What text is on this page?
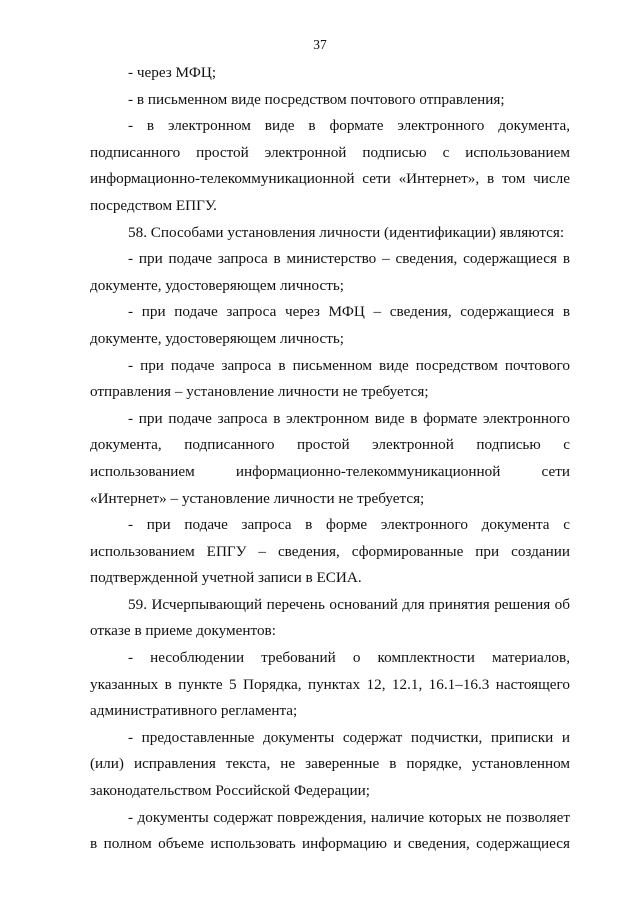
37

- через МФЦ;

- в письменном виде посредством почтового отправления;

- в электронном виде в формате электронного документа, подписанного простой электронной подписью с использованием информационно-телекоммуникационной сети «Интернет», в том числе посредством ЕПГУ.

58. Способами установления личности (идентификации) являются:

- при подаче запроса в министерство – сведения, содержащиеся в документе, удостоверяющем личность;

- при подаче запроса через МФЦ – сведения, содержащиеся в документе, удостоверяющем личность;

- при подаче запроса в письменном виде посредством почтового отправления – установление личности не требуется;

- при подаче запроса в электронном виде в формате электронного документа, подписанного простой электронной подписью с использованием информационно-телекоммуникационной сети «Интернет» – установление личности не требуется;

- при подаче запроса в форме электронного документа с использованием ЕПГУ – сведения, сформированные при создании подтвержденной учетной записи в ЕСИА.

59. Исчерпывающий перечень оснований для принятия решения об отказе в приеме документов:

- несоблюдении требований о комплектности материалов, указанных в пункте 5 Порядка, пунктах 12, 12.1, 16.1–16.3 настоящего административного регламента;

- предоставленные документы содержат подчистки, приписки и (или) исправления текста, не заверенные в порядке, установленном законодательством Российской Федерации;

- документы содержат повреждения, наличие которых не позволяет в полном объеме использовать информацию и сведения, содержащиеся
